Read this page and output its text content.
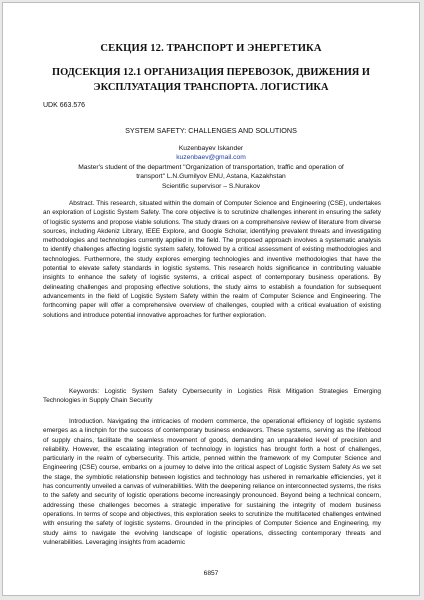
СЕКЦИЯ 12. ТРАНСПОРТ И ЭНЕРГЕТИКА
ПОДСЕКЦИЯ 12.1 ОРГАНИЗАЦИЯ ПЕРЕВОЗОК, ДВИЖЕНИЯ И
ЭКСПЛУАТАЦИЯ ТРАНСПОРТА. ЛОГИСТИКА
UDK 663.576
SYSTEM SAFETY: CHALLENGES AND SOLUTIONS
Kuzenbayev Iskander
kuzenbaev@gmail.com
Master's student of the department "Organization of transportation, traffic and operation of
transport" L.N.Gumilyov ENU, Astana, Kazakhstan
Scientific supervisor – S.Nurakov

Abstract. This research, situated within the domain of Computer Science and Engineering (CSE), undertakes an exploration of Logistic System Safety. The core objective is to scrutinize challenges inherent in ensuring the safety of logistic systems and propose viable solutions. The study draws on a comprehensive review of literature from diverse sources, including Akdeniz Library, IEEE Explore, and Google Scholar, identifying prevalent threats and investigating methodologies and technologies currently applied in the field. The proposed approach involves a systematic analysis to identify challenges affecting logistic system safety, followed by a critical assessment of existing methodologies and technologies. Furthermore, the study explores emerging technologies and inventive methodologies that have the potential to elevate safety standards in logistic systems. This research holds significance in contributing valuable insights to enhance the safety of logistic systems, a critical aspect of contemporary business operations. By delineating challenges and proposing effective solutions, the study aims to establish a foundation for subsequent advancements in the field of Logistic System Safety within the realm of Computer Science and Engineering. The forthcoming paper will offer a comprehensive overview of challenges, coupled with a critical evaluation of existing solutions and introduce potential innovative approaches for further exploration.

Keywords: Logistic System Safety Cybersecurity in Logistics Risk Mitigation Strategies Emerging Technologies in Supply Chain Security

Introduction. Navigating the intricacies of modern commerce, the operational efficiency of logistic systems emerges as a linchpin for the success of contemporary business endeavors. These systems, serving as the lifeblood of supply chains, facilitate the seamless movement of goods, demanding an unparalleled level of precision and reliability. However, the escalating integration of technology in logistics has brought forth a host of challenges, particularly in the realm of cybersecurity. This article, penned within the framework of my Computer Science and Engineering (CSE) course, embarks on a journey to delve into the critical aspect of Logistic System Safety As we set the stage, the symbiotic relationship between logistics and technology has ushered in remarkable efficiencies, yet it has concurrently unveiled a canvas of vulnerabilities. With the deepening reliance on interconnected systems, the risks to the safety and security of logistic operations become increasingly pronounced. Beyond being a technical concern, addressing these challenges becomes a strategic imperative for sustaining the integrity of modern business operations. In terms of scope and objectives, this exploration seeks to scrutinize the multifaceted challenges entwined with ensuring the safety of logistic systems. Grounded in the principles of Computer Science and Engineering, my study aims to navigate the evolving landscape of logistic operations, dissecting contemporary threats and vulnerabilities. Leveraging insights from academic

6857
